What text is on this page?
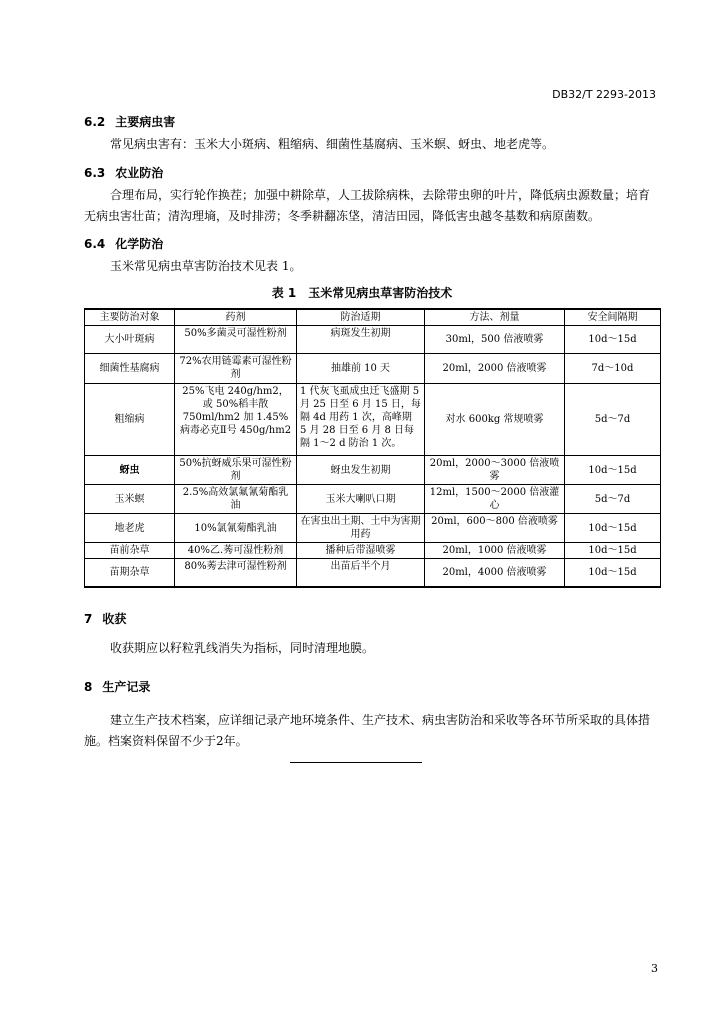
DB32/T 2293-2013
6.2 主要病虫害
常见病虫害有：玉米大小斑病、粗缩病、细菌性基腐病、玉米螟、蚜虫、地老虎等。
6.3 农业防治
合理布局，实行轮作换茬；加强中耕除草，人工拔除病株，去除带虫卵的叶片，降低病虫源数量；培育无病虫害壮苗；清沟理墒，及时排涝；冬季耕翻冻垡，清洁田园，降低害虫越冬基数和病原菌数。
6.4 化学防治
玉米常见病虫草害防治技术见表 1。
表 1　玉米常见病虫草害防治技术
主要防治对象	药剂	防治适期	方法、剂量	安全间隔期
大小叶斑病	50%多菌灵可湿性粉剂	病斑发生初期	30ml，500 倍液喷雾	10d～15d
细菌性基腐病	72%农用链霉素可湿性粉剂	抽雄前 10 天	20ml，2000 倍液喷雾	7d～10d
粗缩病	25%飞电 240g/hm2，或 50%稻丰散 750ml/hm2 加 1.45%病毒必克Ⅱ号 450g/hm2	1 代灰飞虱成虫迁飞盛期 5 月 25 日至 6 月 15 日，每隔 4d 用药 1 次，高峰期 5 月 28 日至 6 月 8 日每隔 1～2 d 防治 1 次。	对水 600kg 常规喷雾	5d～7d
蚜虫	50%抗蚜威乐果可湿性粉剂	蚜虫发生初期	20ml，2000～3000 倍液喷雾	10d～15d
玉米螟	2.5%高效氯氟氰菊酯乳油	玉米大喇叭口期	12ml，1500～2000 倍液灌心	5d～7d
地老虎	10%氯氰菊酯乳油	在害虫出土期、土中为害期用药	20ml，600～800 倍液喷雾	10d～15d
苗前杂草	40%乙.莠可湿性粉剂	播种后带湿喷雾	20ml，1000 倍液喷雾	10d～15d
苗期杂草	80%莠去津可湿性粉剂	出苗后半个月	20ml，4000 倍液喷雾	10d～15d
7 收获
收获期应以籽粒乳线消失为指标，同时清理地膜。
8 生产记录
建立生产技术档案，应详细记录产地环境条件、生产技术、病虫害防治和采收等各环节所采取的具体措施。档案资料保留不少于2年。
3
